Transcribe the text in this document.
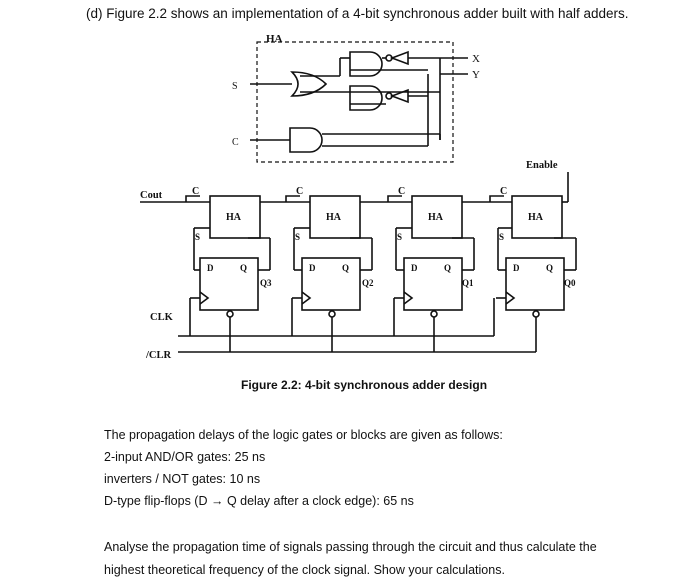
(d) Figure 2.2 shows an implementation of a 4-bit synchronous adder built with half adders.
HA
X
Y
S
C
Enable
Cout	C
HA
S
D	Q
Q3
C
HA
S
D	Q
Q2
C
HA
S
D	Q
Q1
C
HA
S
D	Q
Q0
CLK
/CLR
Figure 2.2: 4-bit synchronous adder design
The propagation delays of the logic gates or blocks are given as follows:
2-input AND/OR gates: 25 ns
inverters / NOT gates: 10 ns
D-type flip-flops (D → Q delay after a clock edge): 65 ns
Analyse the propagation time of signals passing through the circuit and thus calculate the
highest theoretical frequency of the clock signal. Show your calculations.
